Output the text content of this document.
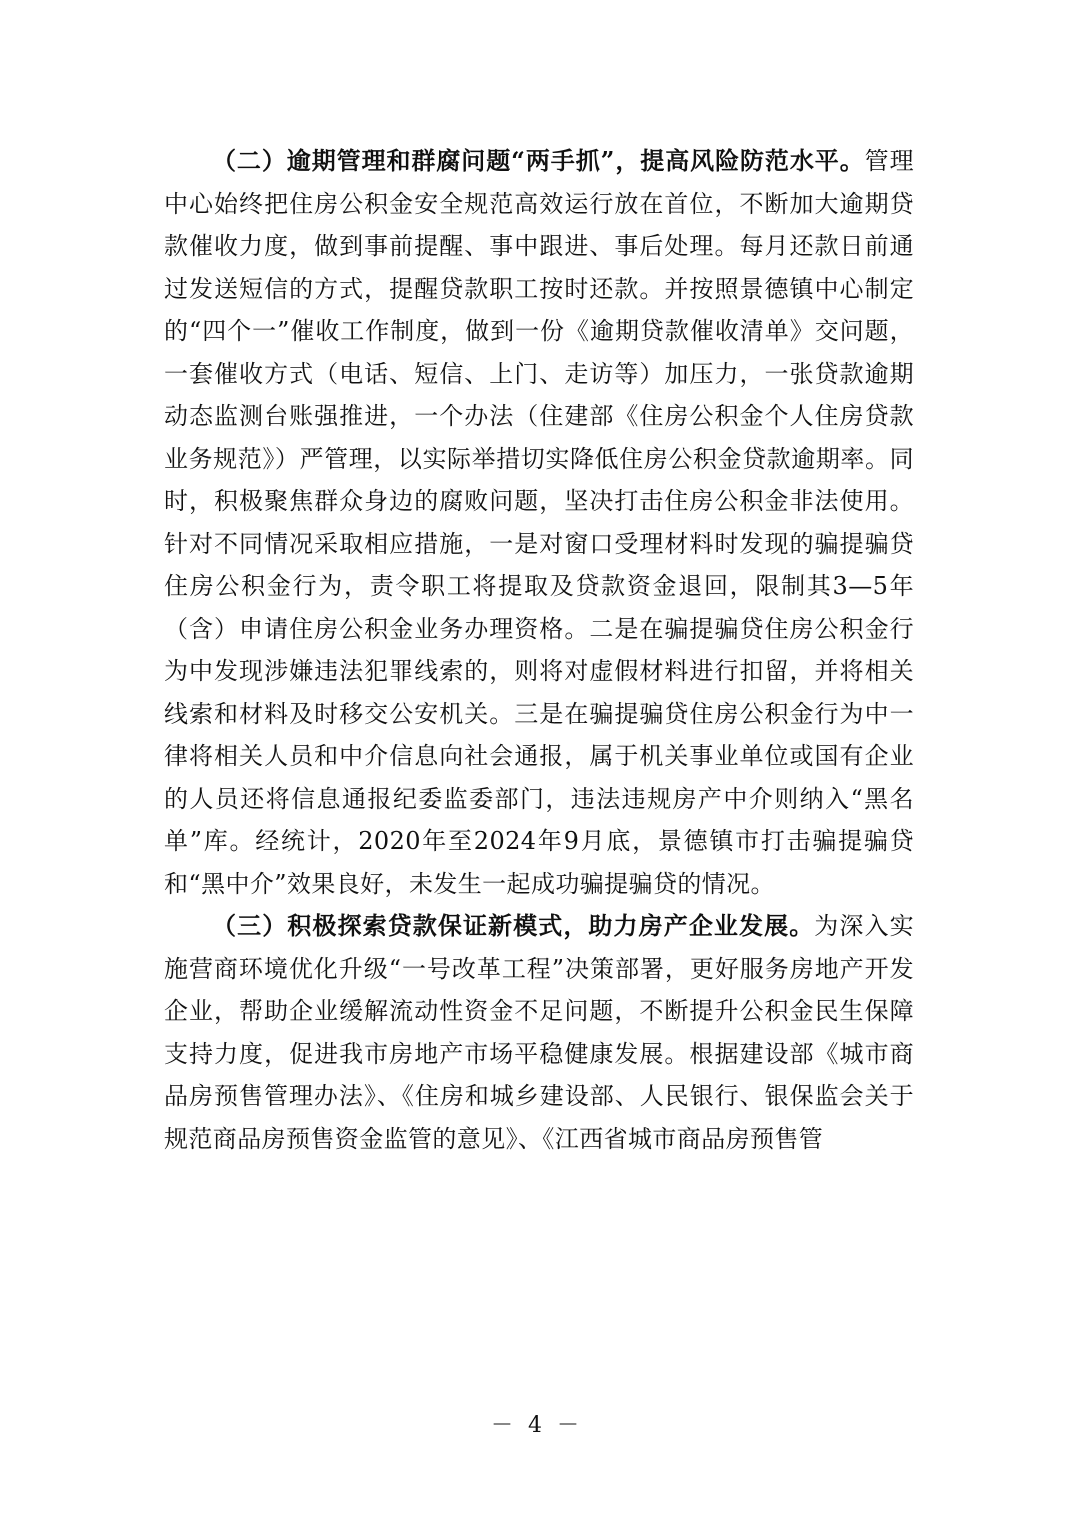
（二）逾期管理和群腐问题“两手抓”，提高风险防范水平。管理中心始终把住房公积金安全规范高效运行放在首位，不断加大逾期贷款催收力度，做到事前提醒、事中跟进、事后处理。每月还款日前通过发送短信的方式，提醒贷款职工按时还款。并按照景德镇中心制定的“四个一”催收工作制度，做到一份《逾期贷款催收清单》交问题，一套催收方式（电话、短信、上门、走访等）加压力，一张贷款逾期动态监测台账强推进，一个办法（住建部《住房公积金个人住房贷款业务规范》）严管理，以实际举措切实降低住房公积金贷款逾期率。同时，积极聚焦群众身边的腐败问题，坚决打击住房公积金非法使用。针对不同情况采取相应措施，一是对窗口受理材料时发现的骗提骗贷住房公积金行为，责令职工将提取及贷款资金退回，限制其3—5年（含）申请住房公积金业务办理资格。二是在骗提骗贷住房公积金行为中发现涉嫌违法犯罪线索的，则将对虚假材料进行扣留，并将相关线索和材料及时移交公安机关。三是在骗提骗贷住房公积金行为中一律将相关人员和中介信息向社会通报，属于机关事业单位或国有企业的人员还将信息通报纪委监委部门，违法违规房产中介则纳入“黑名单”库。经统计，2020年至2024年9月底，景德镇市打击骗提骗贷和“黑中介”效果良好，未发生一起成功骗提骗贷的情况。

（三）积极探索贷款保证新模式，助力房产企业发展。为深入实施营商环境优化升级“一号改革工程”决策部署，更好服务房地产开发企业，帮助企业缓解流动性资金不足问题，不断提升公积金民生保障支持力度，促进我市房地产市场平稳健康发展。根据建设部《城市商品房预售管理办法》、《住房和城乡建设部、人民银行、银保监会关于规范商品房预售资金监管的意见》、《江西省城市商品房预售管

－ 4 －
